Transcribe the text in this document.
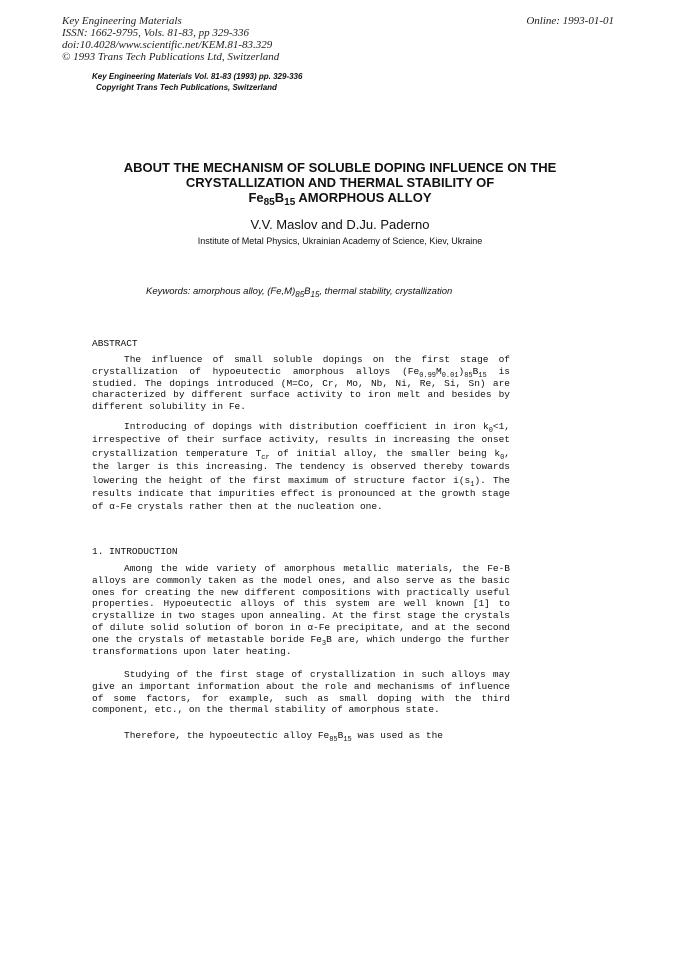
Key Engineering Materials
ISSN: 1662-9795, Vols. 81-83, pp 329-336
doi:10.4028/www.scientific.net/KEM.81-83.329
© 1993 Trans Tech Publications Ltd, Switzerland
Online: 1993-01-01
Key Engineering Materials Vol. 81-83 (1993) pp. 329-336
Copyright Trans Tech Publications, Switzerland
ABOUT THE MECHANISM OF SOLUBLE DOPING INFLUENCE ON THE
CRYSTALLIZATION AND THERMAL STABILITY OF
$Fe_{85}B_{15}$ AMORPHOUS ALLOY
V.V. Maslov and D.Ju. Paderno
Institute of Metal Physics, Ukrainian Academy of Science, Kiev, Ukraine
Keywords: amorphous alloy, $(Fe,M)_{85}B_{15}$, thermal stability, crystallization
ABSTRACT
The influence of small soluble dopings on the first stage of crystallization of hypoeutectic amorphous alloys $(Fe_{0.99}M_{0.01})_{85}B_{15}$ is studied. The dopings introduced (M=Co, Cr, Mo, Nb, Ni, Re, Si, Sn) are characterized by different surface activity to iron melt and besides by different solubility in Fe.
Introducing of dopings with distribution coefficient in iron $k_0<1$, irrespective of their surface activity, results in increasing the onset crystallization temperature $T_{cr}$ of initial alloy, the smaller being $k_0$, the larger is this increasing. The tendency is observed thereby towards lowering the height of the first maximum of structure factor $i(s_1)$. The results indicate that impurities effect is pronounced at the growth stage of α-Fe crystals rather then at the nucleation one.
1. INTRODUCTION
Among the wide variety of amorphous metallic materials, the Fe-B alloys are commonly taken as the model ones, and also serve as the basic ones for creating the new different compositions with practically useful properties. Hypoeutectic alloys of this system are well known [1] to crystallize in two stages upon annealing. At the first stage the crystals of dilute solid solution of boron in α-Fe precipitate, and at the second one the crystals of metastable boride $Fe_3B$ are, which undergo the further transformations upon later heating.
Studying of the first stage of crystallization in such alloys may give an important information about the role and mechanisms of influence of some factors, for example, such as small doping with the third component, etc., on the thermal stability of amorphous state.
Therefore, the hypoeutectic alloy $Fe_{85}B_{15}$ was used as the
